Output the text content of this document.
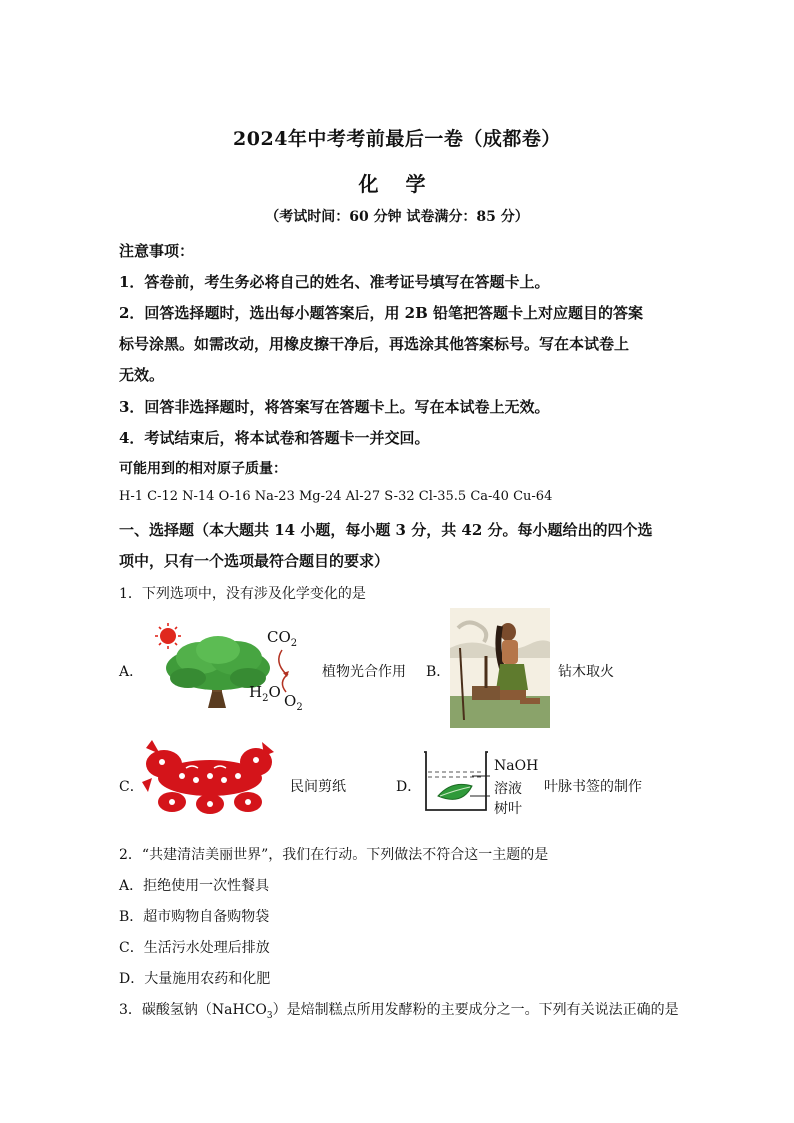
2024年中考考前最后一卷（成都卷）
化 学
（考试时间：60 分钟 试卷满分：85 分）
注意事项：
1．答卷前，考生务必将自己的姓名、准考证号填写在答题卡上。
2．回答选择题时，选出每小题答案后，用 2B 铅笔把答题卡上对应题目的答案
标号涂黑。如需改动，用橡皮擦干净后，再选涂其他答案标号。写在本试卷上
无效。
3．回答非选择题时，将答案写在答题卡上。写在本试卷上无效。
4．考试结束后，将本试卷和答题卡一并交回。
可能用到的相对原子质量：
H-1 C-12 N-14 O-16 Na-23 Mg-24 Al-27 S-32 Cl-35.5 Ca-40 Cu-64
一、选择题（本大题共 14 小题，每小题 3 分，共 42 分。每小题给出的四个选
项中，只有一个选项最符合题目的要求）
1．下列选项中，没有涉及化学变化的是
A．
$CO_2$
$H_2O$ $O_2$
植物光合作用 B．	钻木取火
C．	民间剪纸	D．
NaOH
溶液
树叶
叶脉书签的制作
2．“共建清洁美丽世界”，我们在行动。下列做法不符合这一主题的是
A．拒绝使用一次性餐具
B．超市购物自备购物袋
C．生活污水处理后排放
D．大量施用农药和化肥
3．碳酸氢钠（NaHCO$_3$）是焙制糕点所用发酵粉的主要成分之一。下列有关说法正确的是
